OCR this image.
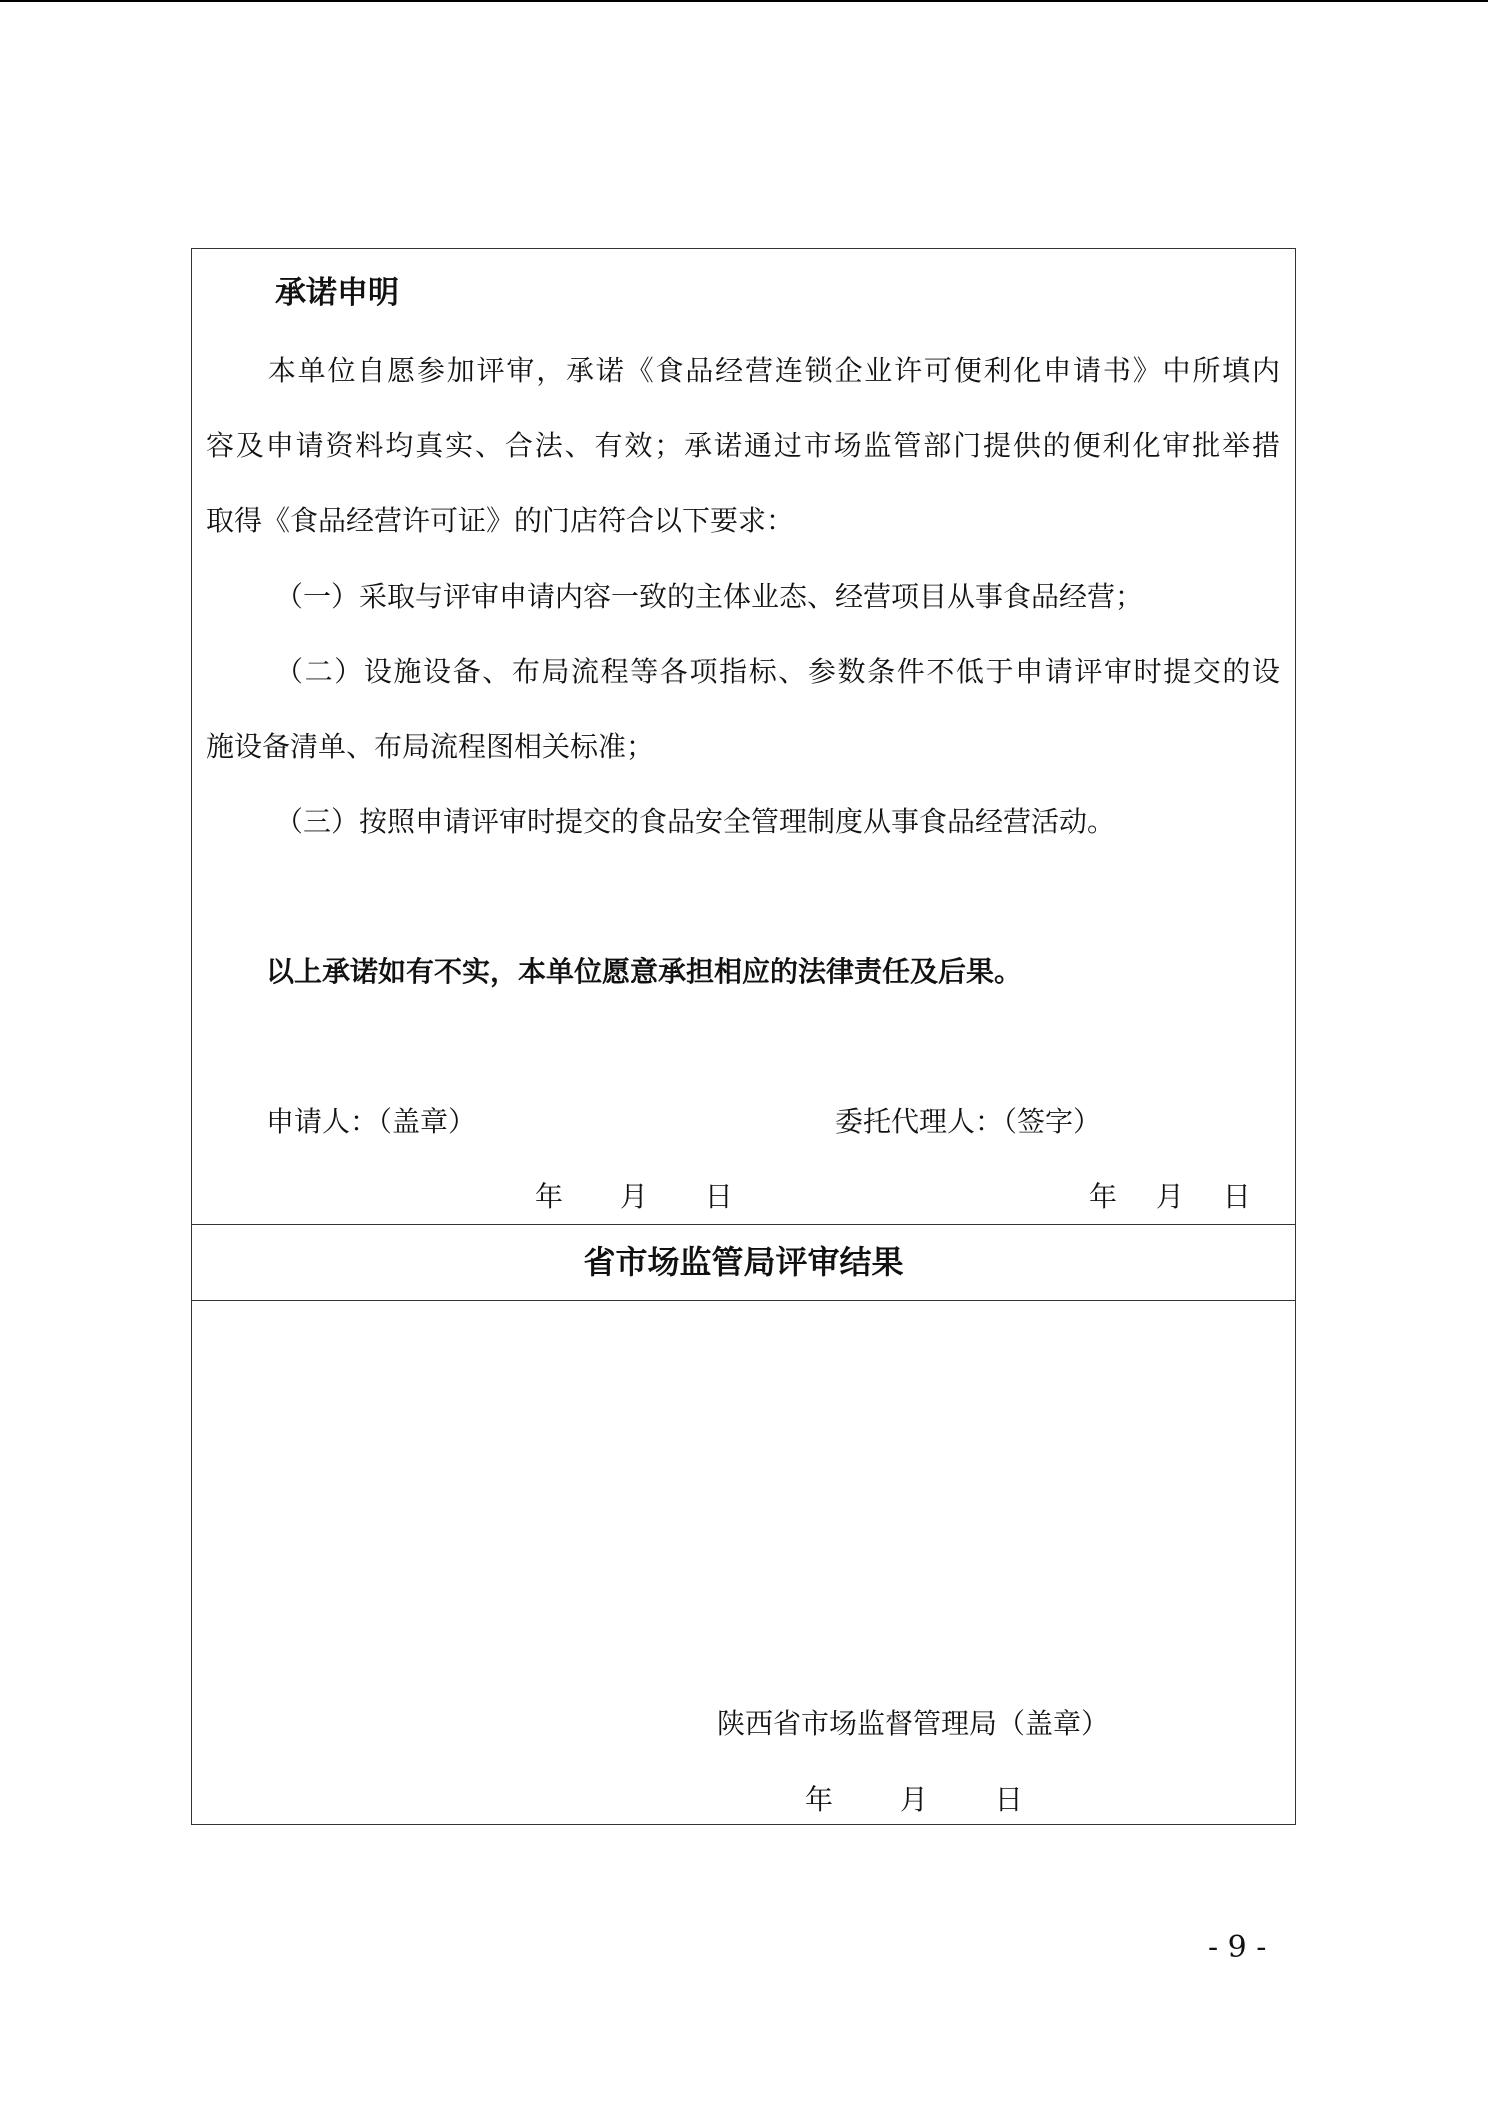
承诺申明
本单位自愿参加评审，承诺《食品经营连锁企业许可便利化申请书》中所填内
容及申请资料均真实、合法、有效；承诺通过市场监管部门提供的便利化审批举措
取得《食品经营许可证》的门店符合以下要求：
（一）采取与评审申请内容一致的主体业态、经营项目从事食品经营；
（二）设施设备、布局流程等各项指标、参数条件不低于申请评审时提交的设
施设备清单、布局流程图相关标准；
（三）按照申请评审时提交的食品安全管理制度从事食品经营活动。
以上承诺如有不实，本单位愿意承担相应的法律责任及后果。
申请人：（盖章）	委托代理人：（签字）
年 月 日	年 月 日
省市场监管局评审结果
陕西省市场监督管理局（盖章）
年 月 日
- 9 -
